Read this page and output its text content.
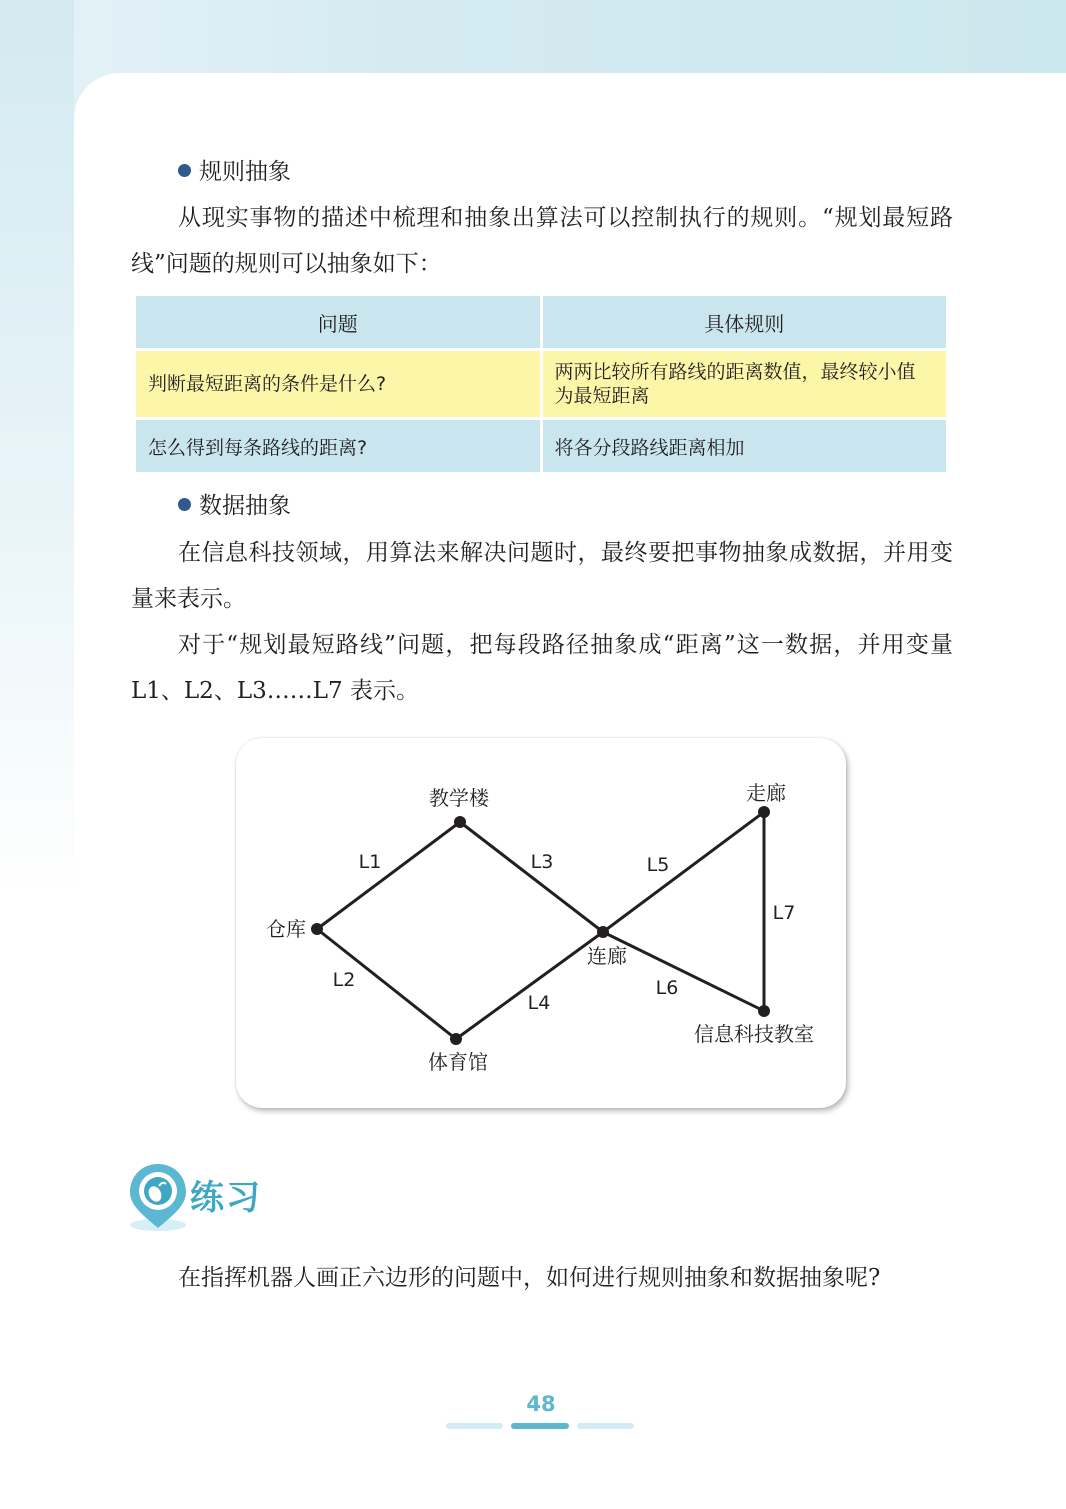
规则抽象

从现实事物的描述中梳理和抽象出算法可以控制执行的规则。“规划最短路线”问题的规则可以抽象如下：

问题	具体规则
判断最短距离的条件是什么?	两两比较所有路线的距离数值，最终较小值为最短距离
怎么得到每条路线的距离?	将各分段路线距离相加
数据抽象

在信息科技领域，用算法来解决问题时，最终要把事物抽象成数据，并用变量来表示。

对于“规划最短路线”问题，把每段路径抽象成“距离”这一数据，并用变量 L1、L2、L3……L7 表示。

教学楼	走廊
仓库
连廊
体育馆
信息科技教室
L1	L3	L5
L7
L2
L4
L6
练习

在指挥机器人画正六边形的问题中，如何进行规则抽象和数据抽象呢?

48
